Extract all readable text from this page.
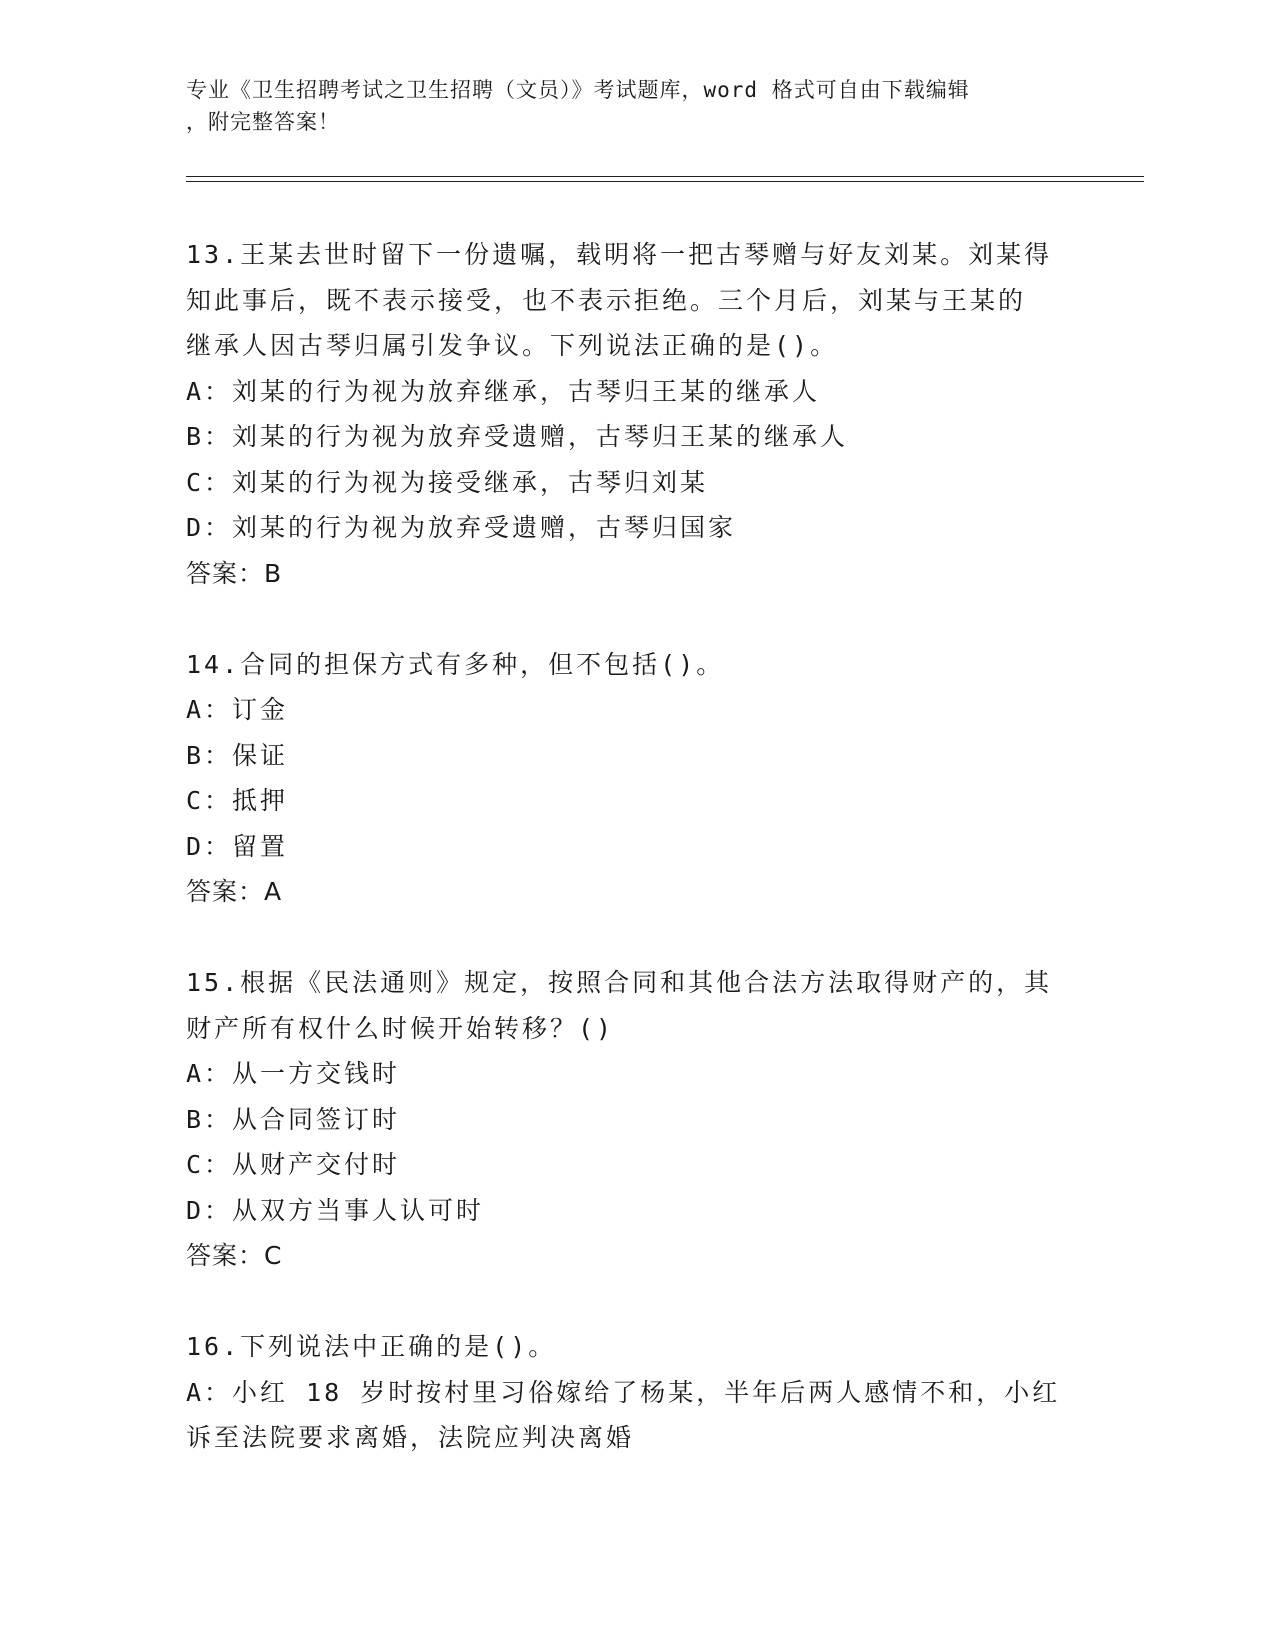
专业《卫生招聘考试之卫生招聘（文员）》考试题库，word 格式可自由下载编辑
，附完整答案！
13.王某去世时留下一份遗嘱，载明将一把古琴赠与好友刘某。刘某得
知此事后，既不表示接受，也不表示拒绝。三个月后，刘某与王某的
继承人因古琴归属引发争议。下列说法正确的是()。
A：刘某的行为视为放弃继承，古琴归王某的继承人
B：刘某的行为视为放弃受遗赠，古琴归王某的继承人
C：刘某的行为视为接受继承，古琴归刘某
D：刘某的行为视为放弃受遗赠，古琴归国家
答案：B
14.合同的担保方式有多种，但不包括()。
A：订金
B：保证
C：抵押
D：留置
答案：A
15.根据《民法通则》规定，按照合同和其他合法方法取得财产的，其
财产所有权什么时候开始转移？()
A：从一方交钱时
B：从合同签订时
C：从财产交付时
D：从双方当事人认可时
答案：C
16.下列说法中正确的是()。
A：小红 18 岁时按村里习俗嫁给了杨某，半年后两人感情不和，小红
诉至法院要求离婚，法院应判决离婚
